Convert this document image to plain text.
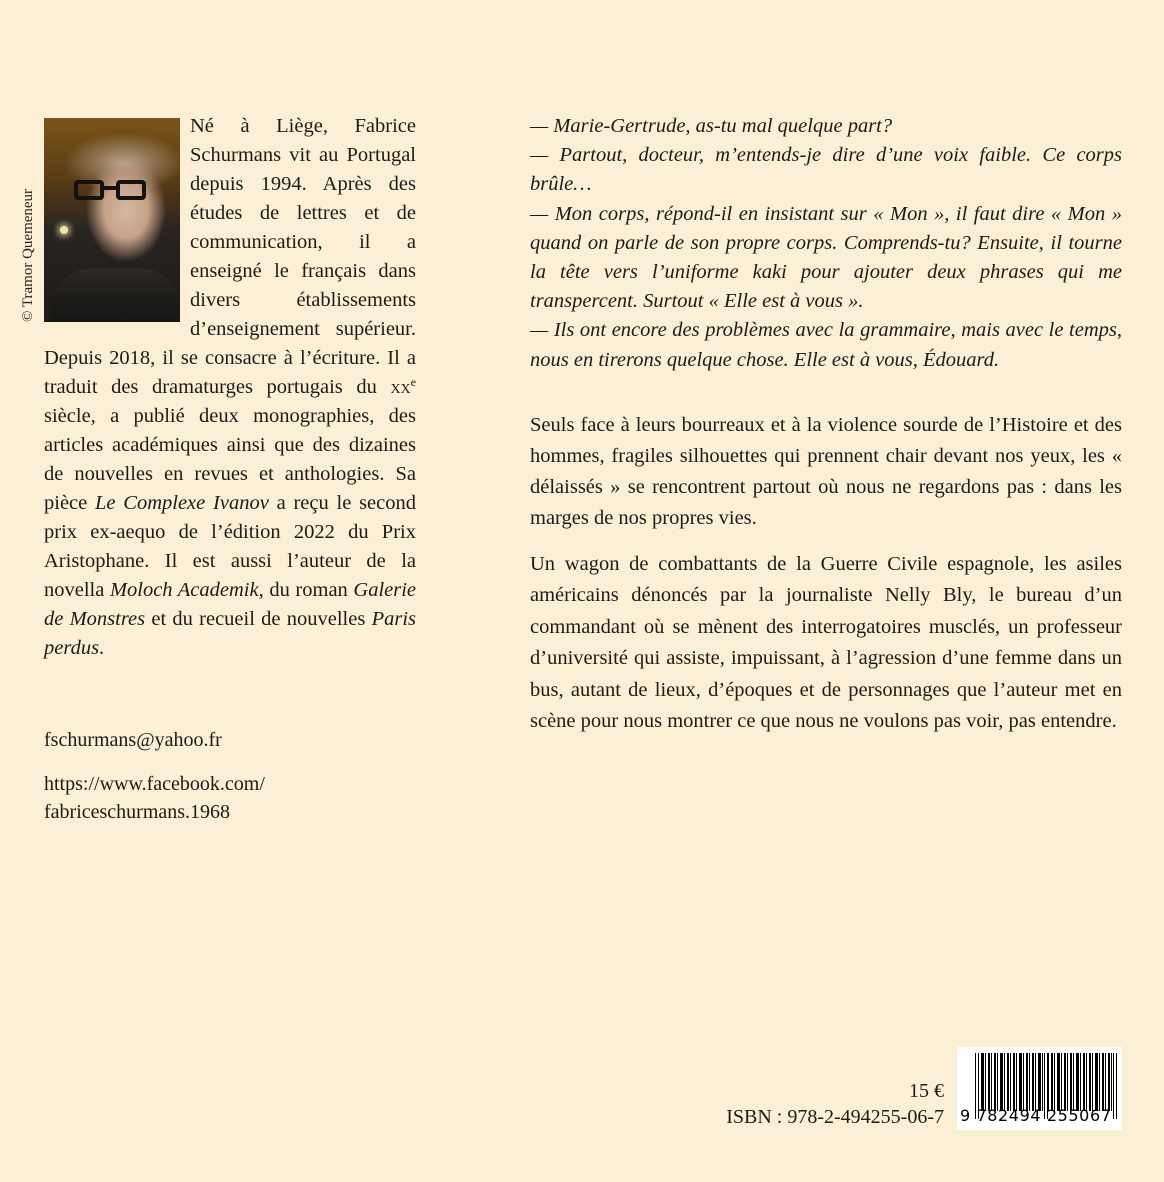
© Tramor Quemeneur

Né à Liège, Fabrice Schurmans vit au Portugal depuis 1994. Après des études de lettres et de communication, il a enseigné le français dans divers établissements d’enseignement supérieur. Depuis 2018, il se consacre à l’écriture. Il a traduit des dramaturges portugais du $xx^e$ siècle, a publié deux monographies, des articles académiques ainsi que des dizaines de nouvelles en revues et anthologies. Sa pièce Le Complexe Ivanov a reçu le second prix ex-aequo de l’édition 2022 du Prix Aristophane. Il est aussi l’auteur de la novella Moloch Academik, du roman Galerie de Monstres et du recueil de nouvelles Paris perdus.

fschurmans@yahoo.fr
https://www.facebook.com/
fabriceschurmans.1968

— Marie-Gertrude, as-tu mal quelque part?

— Partout, docteur, m’entends-je dire d’une voix faible. Ce corps brûle…

— Mon corps, répond-il en insistant sur « Mon », il faut dire « Mon » quand on parle de son propre corps. Comprends-tu? Ensuite, il tourne la tête vers l’uniforme kaki pour ajouter deux phrases qui me transpercent. Surtout « Elle est à vous ».

— Ils ont encore des problèmes avec la grammaire, mais avec le temps, nous en tirerons quelque chose. Elle est à vous, Édouard.

Seuls face à leurs bourreaux et à la violence sourde de l’Histoire et des hommes, fragiles silhouettes qui prennent chair devant nos yeux, les « délaissés » se rencontrent partout où nous ne regardons pas : dans les marges de nos propres vies.

Un wagon de combattants de la Guerre Civile espagnole, les asiles américains dénoncés par la journaliste Nelly Bly, le bureau d’un commandant où se mènent des interrogatoires musclés, un professeur d’université qui assiste, impuissant, à l’agression d’une femme dans un bus, autant de lieux, d’époques et de personnages que l’auteur met en scène pour nous montrer ce que nous ne voulons pas voir, pas entendre.

15 €
ISBN : 978-2-494255-06-7 9 782494 255067
